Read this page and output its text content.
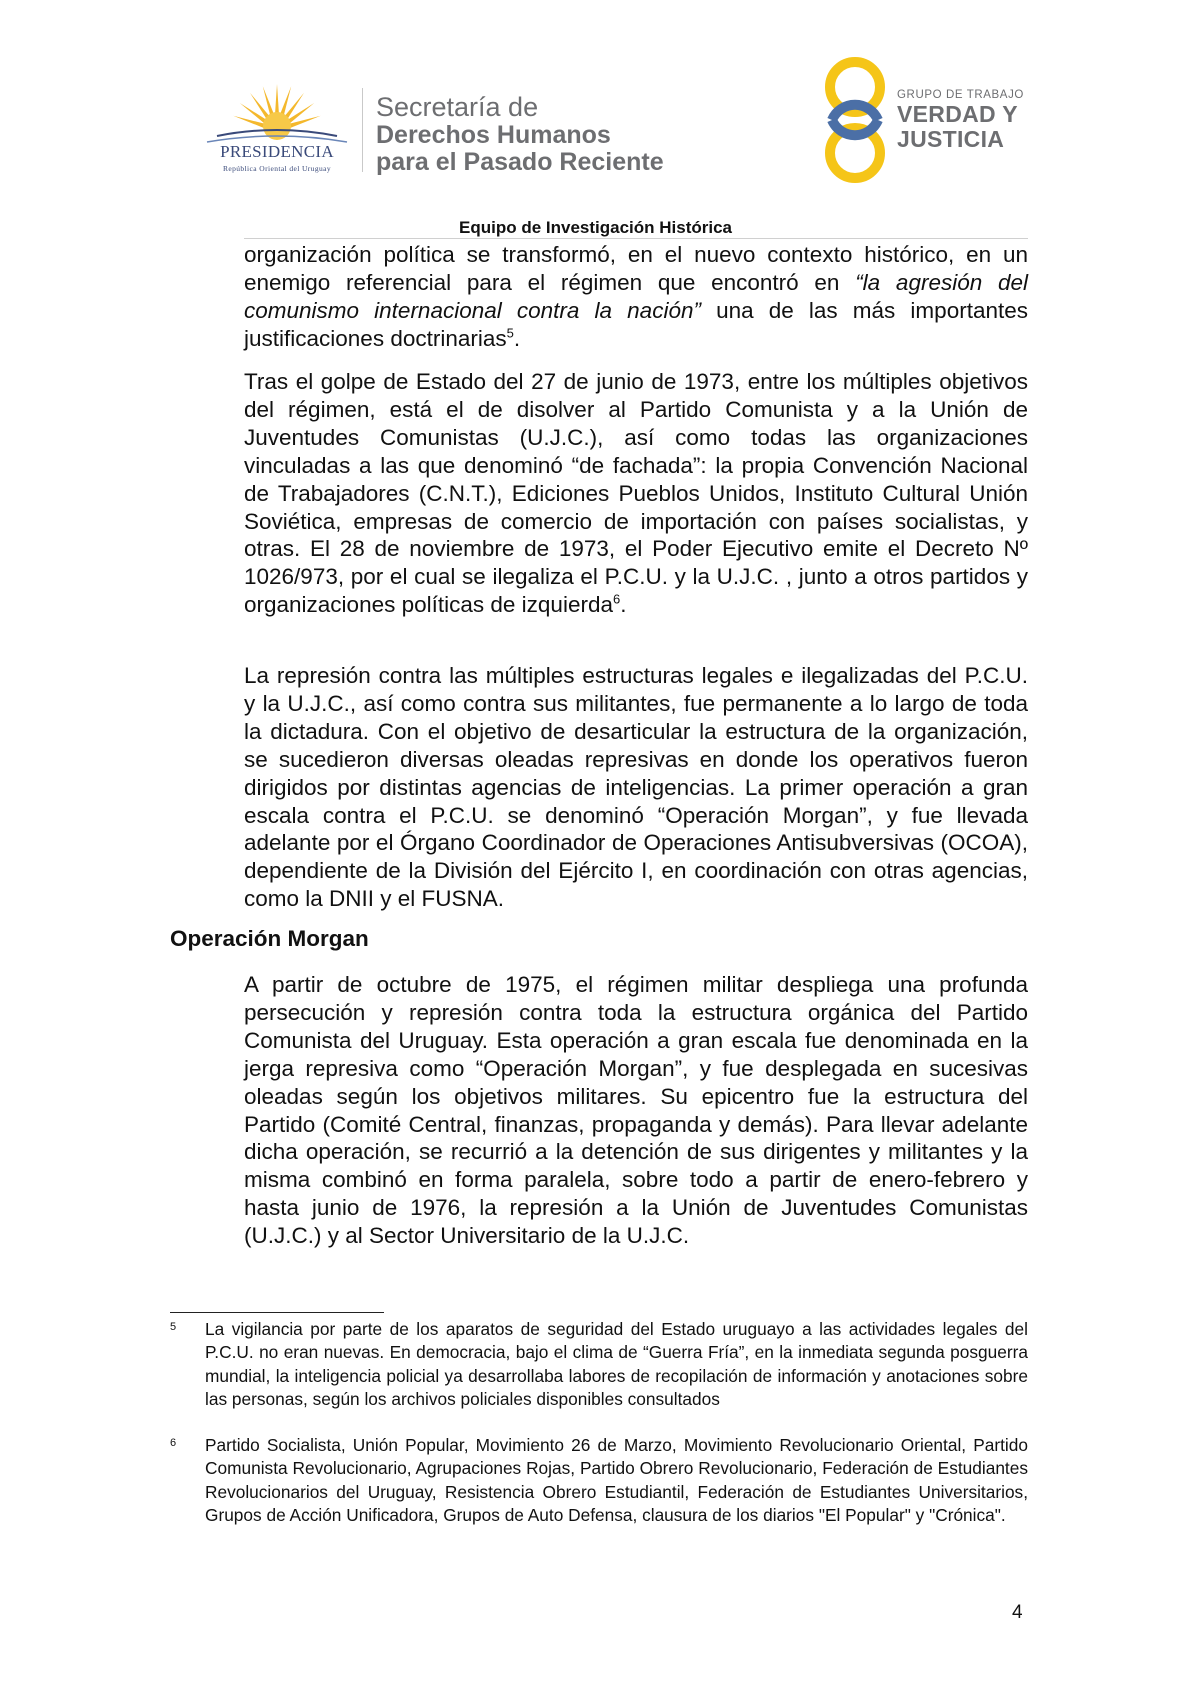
PRESIDENCIA
República Oriental del Uruguay
Secretaría de
Derechos Humanos
para el Pasado Reciente
GRUPO DE TRABAJO
VERDAD Y
JUSTICIA
Equipo de Investigación Histórica

organización política se transformó, en el nuevo contexto histórico, en un enemigo referencial para el régimen que encontró en “la agresión del comunismo internacional contra la nación” una de las más importantes justificaciones doctrinarias$^5$.

Tras el golpe de Estado del 27 de junio de 1973, entre los múltiples objetivos del régimen, está el de disolver al Partido Comunista y a la Unión de Juventudes Comunistas (U.J.C.), así como todas las organizaciones vinculadas a las que denominó “de fachada”: la propia Convención Nacional de Trabajadores (C.N.T.), Ediciones Pueblos Unidos, Instituto Cultural Unión Soviética, empresas de comercio de importación con países socialistas, y otras. El 28 de noviembre de 1973, el Poder Ejecutivo emite el Decreto Nº 1026/973, por el cual se ilegaliza el P.C.U. y la U.J.C. , junto a otros partidos y organizaciones políticas de izquierda$^6$.

La represión contra las múltiples estructuras legales e ilegalizadas del P.C.U. y la U.J.C., así como contra sus militantes, fue permanente a lo largo de toda la dictadura. Con el objetivo de desarticular la estructura de la organización, se sucedieron diversas oleadas represivas en donde los operativos fueron dirigidos por distintas agencias de inteligencias. La primer operación a gran escala contra el P.C.U. se denominó “Operación Morgan”, y fue llevada adelante por el Órgano Coordinador de Operaciones Antisubversivas (OCOA), dependiente de la División del Ejército I, en coordinación con otras agencias, como la DNII y el FUSNA.

Operación Morgan

A partir de octubre de 1975, el régimen militar despliega una profunda persecución y represión contra toda la estructura orgánica del Partido Comunista del Uruguay. Esta operación a gran escala fue denominada en la jerga represiva como “Operación Morgan”, y fue desplegada en sucesivas oleadas según los objetivos militares. Su epicentro fue la estructura del Partido (Comité Central, finanzas, propaganda y demás). Para llevar adelante dicha operación, se recurrió a la detención de sus dirigentes y militantes y la misma combinó en forma paralela, sobre todo a partir de enero-febrero y hasta junio de 1976, la represión a la Unión de Juventudes Comunistas (U.J.C.) y al Sector Universitario de la U.J.C.

5 La vigilancia por parte de los aparatos de seguridad del Estado uruguayo a las actividades legales del P.C.U. no eran nuevas. En democracia, bajo el clima de “Guerra Fría”, en la inmediata segunda posguerra mundial, la inteligencia policial ya desarrollaba labores de recopilación de información y anotaciones sobre las personas, según los archivos policiales disponibles consultados

6 Partido Socialista, Unión Popular, Movimiento 26 de Marzo, Movimiento Revolucionario Oriental, Partido Comunista Revolucionario, Agrupaciones Rojas, Partido Obrero Revolucionario, Federación de Estudiantes Revolucionarios del Uruguay, Resistencia Obrero Estudiantil, Federación de Estudiantes Universitarios, Grupos de Acción Unificadora, Grupos de Auto Defensa, clausura de los diarios "El Popular" y "Crónica".

4
